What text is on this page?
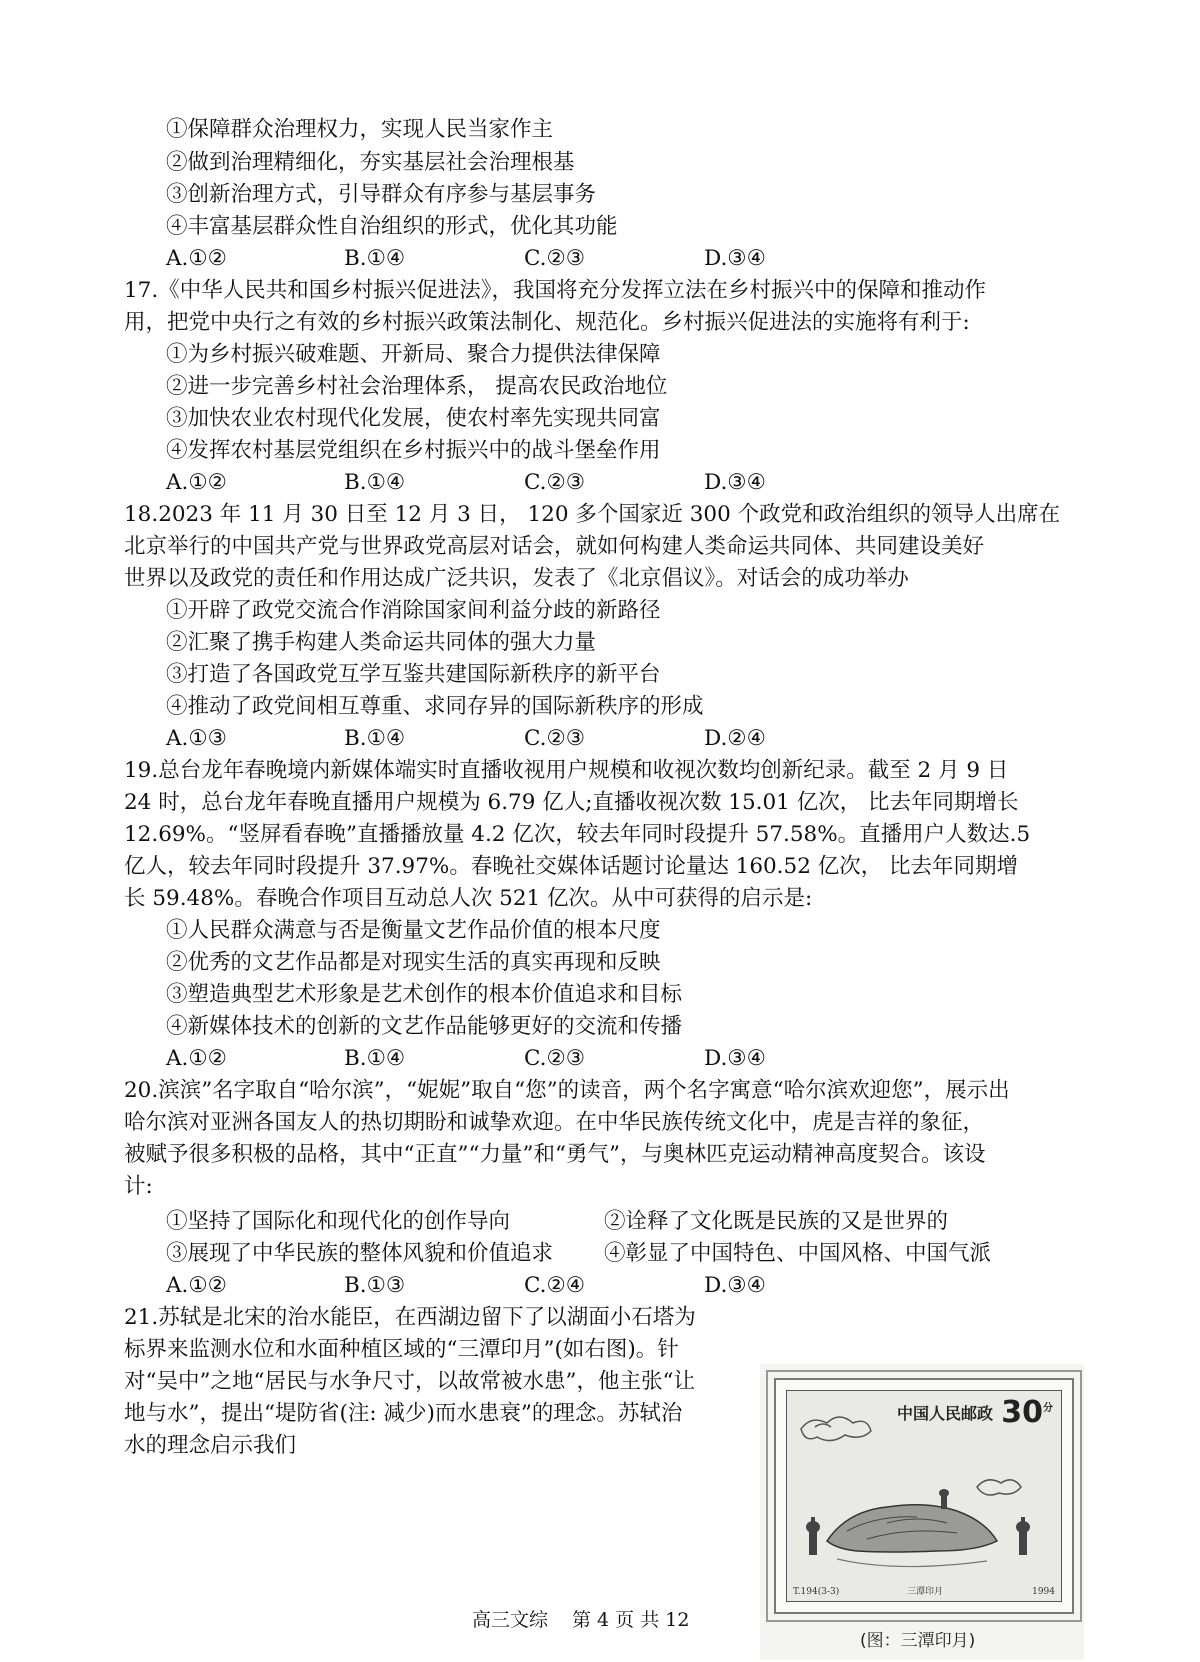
①保障群众治理权力，实现人民当家作主
②做到治理精细化，夯实基层社会治理根基
③创新治理方式，引导群众有序参与基层事务
④丰富基层群众性自治组织的形式，优化其功能
A.①②	B.①④	C.②③	D.③④
17.《中华人民共和国乡村振兴促进法》，我国将充分发挥立法在乡村振兴中的保障和推动作
用，把党中央行之有效的乡村振兴政策法制化、规范化。乡村振兴促进法的实施将有利于:
①为乡村振兴破难题、开新局、聚合力提供法律保障
②进一步完善乡村社会治理体系， 提高农民政治地位
③加快农业农村现代化发展，使农村率先实现共同富
④发挥农村基层党组织在乡村振兴中的战斗堡垒作用
A.①②	B.①④	C.②③	D.③④
18.2023 年 11 月 30 日至 12 月 3 日， 120 多个国家近 300 个政党和政治组织的领导人出席在
北京举行的中国共产党与世界政党高层对话会，就如何构建人类命运共同体、共同建设美好
世界以及政党的责任和作用达成广泛共识，发表了《北京倡议》。对话会的成功举办
①开辟了政党交流合作消除国家间利益分歧的新路径
②汇聚了携手构建人类命运共同体的强大力量
③打造了各国政党互学互鉴共建国际新秩序的新平台
④推动了政党间相互尊重、求同存异的国际新秩序的形成
A.①③	B.①④	C.②③	D.②④
19.总台龙年春晚境内新媒体端实时直播收视用户规模和收视次数均创新纪录。截至 2 月 9 日
24 时，总台龙年春晚直播用户规模为 6.79 亿人;直播收视次数 15.01 亿次， 比去年同期增长
12.69%。“竖屏看春晚”直播播放量 4.2 亿次，较去年同时段提升 57.58%。直播用户人数达.5
亿人，较去年同时段提升 37.97%。春晚社交媒体话题讨论量达 160.52 亿次， 比去年同期增
长 59.48%。春晚合作项目互动总人次 521 亿次。从中可获得的启示是:
①人民群众满意与否是衡量文艺作品价值的根本尺度
②优秀的文艺作品都是对现实生活的真实再现和反映
③塑造典型艺术形象是艺术创作的根本价值追求和目标
④新媒体技术的创新的文艺作品能够更好的交流和传播
A.①②	B.①④	C.②③	D.③④
20.滨滨”名字取自“哈尔滨”，“妮妮”取自“您”的读音，两个名字寓意“哈尔滨欢迎您”，展示出
哈尔滨对亚洲各国友人的热切期盼和诚挚欢迎。在中华民族传统文化中，虎是吉祥的象征，
被赋予很多积极的品格，其中“正直”“力量”和“勇气”，与奥林匹克运动精神高度契合。该设
计:
①坚持了国际化和现代化的创作导向	②诠释了文化既是民族的又是世界的
③展现了中华民族的整体风貌和价值追求 ④彰显了中国特色、中国风格、中国气派
A.①②	B.①③	C.②④	D.③④
21.苏轼是北宋的治水能臣，在西湖边留下了以湖面小石塔为
标界来监测水位和水面种植区域的“三潭印月”(如右图)。针
对“吴中”之地“居民与水争尺寸，以故常被水患”，他主张“让
地与水”，提出“堤防省(注: 减少)而水患衰”的理念。苏轼治
水的理念启示我们
高三文综 第 4 页 共 12
中国人民邮政 $30^分$
T.194(3-3)	三潭印月	1994
(图：三潭印月)
